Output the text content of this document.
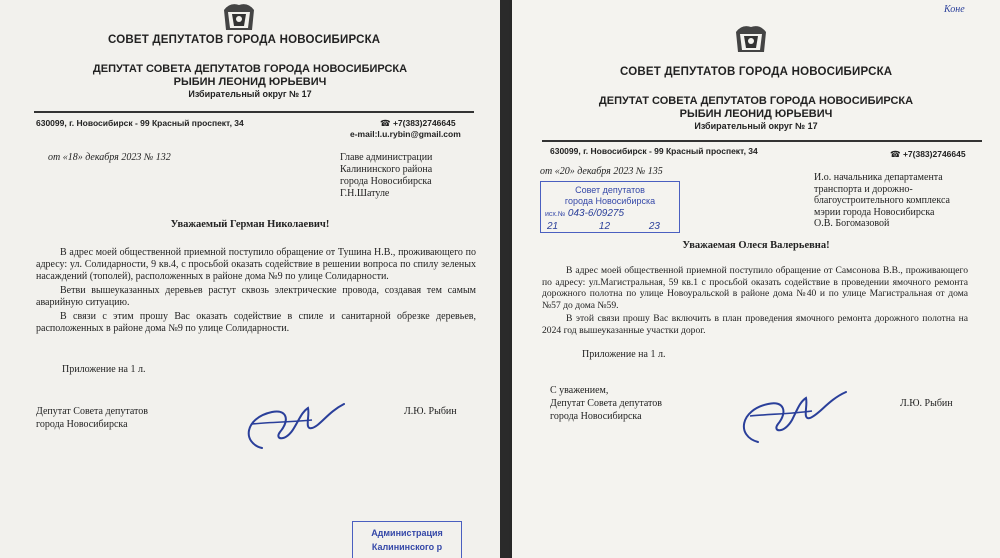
СОВЕТ ДЕПУТАТОВ ГОРОДА НОВОСИБИРСКА
ДЕПУТАТ СОВЕТА ДЕПУТАТОВ ГОРОДА НОВОСИБИРСКА
РЫБИН ЛЕОНИД ЮРЬЕВИЧ
Избирательный округ № 17
630099, г. Новосибирск - 99 Красный проспект, 34	☎ +7(383)2746645
e-mail:l.u.rybin@gmail.com
от «18» декабря 2023 № 132	Главе администрации
Калининского района
города Новосибирска
Г.Н.Шатуле
Уважаемый Герман Николаевич!

В адрес моей общественной приемной поступило обращение от Тушина Н.В., проживающего по адресу: ул. Солидарности, 9 кв.4, с просьбой оказать содействие в решении вопроса по спилу зеленых насаждений (тополей), расположенных в районе дома №9 по улице Солидарности.

Ветви вышеуказанных деревьев растут сквозь электрические провода, создавая тем самым аварийную ситуацию.

В связи с этим прошу Вас оказать содействие в спиле и санитарной обрезке деревьев, расположенных в районе дома №9 по улице Солидарности.

Приложение на 1 л.
Депутат Совета депутатов
города Новосибирска
Л.Ю. Рыбин
Администрация
Калининского р
Коне
СОВЕТ ДЕПУТАТОВ ГОРОДА НОВОСИБИРСКА
ДЕПУТАТ СОВЕТА ДЕПУТАТОВ ГОРОДА НОВОСИБИРСКА
РЫБИН ЛЕОНИД ЮРЬЕВИЧ
Избирательный округ № 17
630099, г. Новосибирск - 99 Красный проспект, 34	☎ +7(383)2746645
от «20» декабря 2023 № 135
Совет депутатов
города Новосибирска
исх.№ 043-6/09275
21	12	23
И.о. начальника департамента
транспорта и дорожно-
благоустроительного комплекса
мэрии города Новосибирска
О.В. Богомазовой
Уважаемая Олеся Валерьевна!

В адрес моей общественной приемной поступило обращение от Самсонова В.В., проживающего по адресу: ул.Магистральная, 59 кв.1 с просьбой оказать содействие в проведении ямочного ремонта дорожного полотна по улице Новоуральской в районе дома №40 и по улице Магистральная от дома №57 до дома №59.

В этой связи прошу Вас включить в план проведения ямочного ремонта дорожного полотна на 2024 год вышеуказанные участки дорог.

Приложение на 1 л.
С уважением,
Депутат Совета депутатов
города Новосибирска
Л.Ю. Рыбин
